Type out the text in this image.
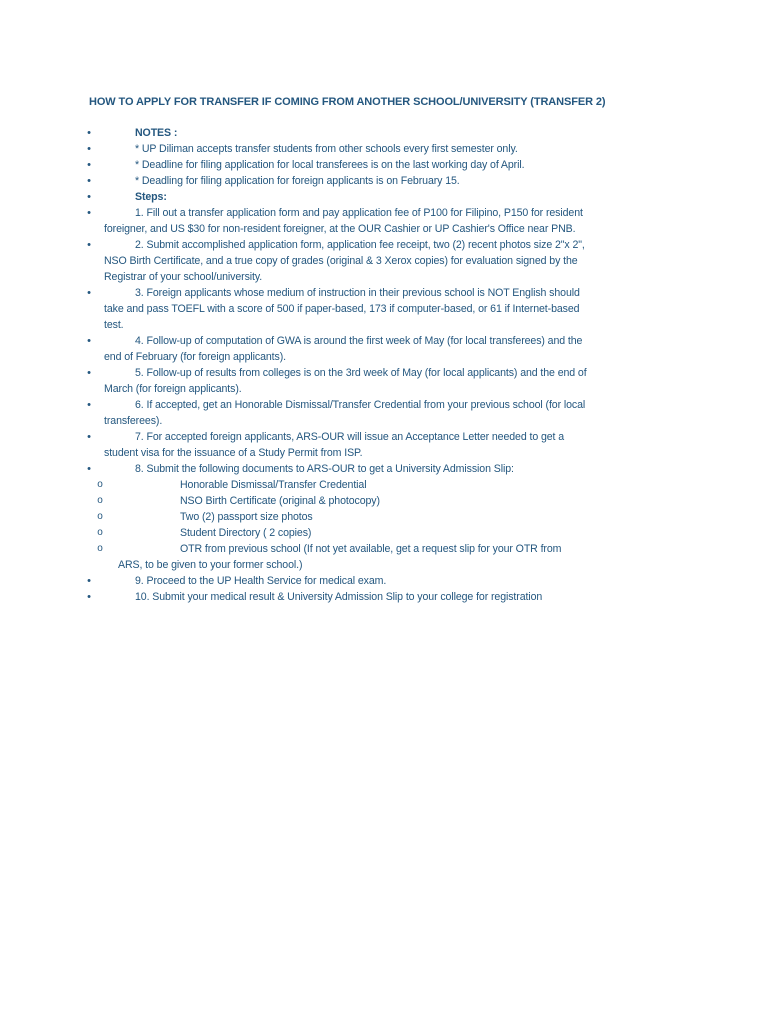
HOW TO APPLY FOR TRANSFER IF COMING FROM ANOTHER SCHOOL/UNIVERSITY (TRANSFER 2)
•	NOTES :
•	* UP Diliman accepts transfer students from other schools every first semester only.
•	* Deadline for filing application for local transferees is on the last working day of April.
•	* Deadling for filing application for foreign applicants is on February 15.
•	Steps:
•	1. Fill out a transfer application form and pay application fee of P100 for Filipino, P150 for resident foreigner, and US $30 for non-resident foreigner, at the OUR Cashier or UP Cashier's Office near PNB.
•	2. Submit accomplished application form, application fee receipt, two (2) recent photos size 2"x 2", NSO Birth Certificate, and a true copy of grades (original & 3 Xerox copies) for evaluation signed by the Registrar of your school/university.
•	3. Foreign applicants whose medium of instruction in their previous school is NOT English should take and pass TOEFL with a score of 500 if paper-based, 173 if computer-based, or 61 if Internet-based test.
•	4. Follow-up of computation of GWA is around the first week of May (for local transferees) and the end of February (for foreign applicants).
•	5. Follow-up of results from colleges is on the 3rd week of May (for local applicants) and the end of March (for foreign applicants).
•	6. If accepted, get an Honorable Dismissal/Transfer Credential from your previous school (for local transferees).
•	7. For accepted foreign applicants, ARS-OUR will issue an Acceptance Letter needed to get a student visa for the issuance of a Study Permit from ISP.
•	8. Submit the following documents to ARS-OUR to get a University Admission Slip:
o	Honorable Dismissal/Transfer Credential
o	NSO Birth Certificate (original & photocopy)
o	Two (2) passport size photos
o	Student Directory ( 2 copies)
o	OTR from previous school (If not yet available, get a request slip for your OTR from ARS, to be given to your former school.)
•	9. Proceed to the UP Health Service for medical exam.
•	10. Submit your medical result & University Admission Slip to your college for registration
